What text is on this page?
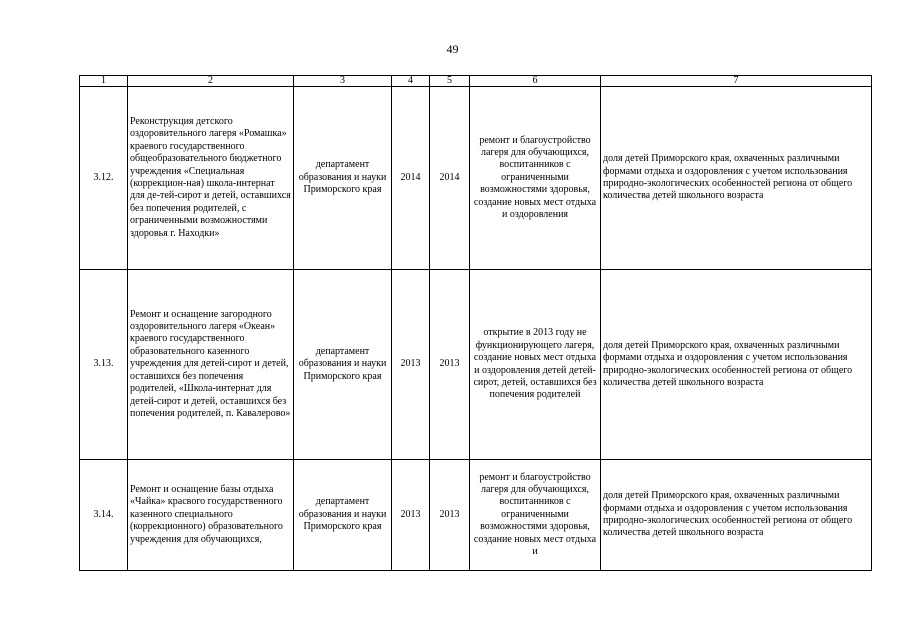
49
1	2	3	4	5	6	7
3.12.	Реконструкция детского оздоровительного лагеря «Ромашка» краевого государственного общеобразовательного бюджетного учреждения «Специальная (коррекцион-ная) школа-интернат для де-тей-сирот и детей, оставшихся без попечения родителей, с ограниченными возможностями здоровья г. Находки»	департамент образования и науки Приморского края	2014	2014	ремонт и благоустройство лагеря для обучающихся, воспитанников с ограниченными возможностями здоровья, создание новых мест отдыха и оздоровления	доля детей Приморского края, охваченных различными формами отдыха и оздоровления с учетом использования природно-экологических особенностей региона от общего количества детей школьного возраста
3.13.	Ремонт и оснащение загородного оздоровительного лагеря «Океан» краевого государственного образовательного казенного учреждения для детей-сирот и детей, оставшихся без попечения родителей, «Школа-интернат для детей-сирот и детей, оставшихся без попечения родителей, п. Кавалерово»	департамент образования и науки Приморского края	2013	2013	открытие в 2013 году не функционирующего лагеря, создание новых мест отдыха и оздоровления детей детей-сирот, детей, оставшихся без попечения родителей	доля детей Приморского края, охваченных различными формами отдыха и оздоровления с учетом использования природно-экологических особенностей региона от общего количества детей школьного возраста
3.14.	Ремонт и оснащение базы отдыха «Чайка» красвого государственного казенного специального (коррекционного) образовательного учреждения для обучающихся,	департамент образования и науки Приморского края	2013	2013	ремонт и благоустройство лагеря для обучающихся, воспитанников с ограниченными возможностями здоровья, создание новых мест отдыха и	доля детей Приморского края, охваченных различными формами отдыха и оздоровления с учетом использования природно-экологических особенностей региона от общего количества детей школьного возраста
